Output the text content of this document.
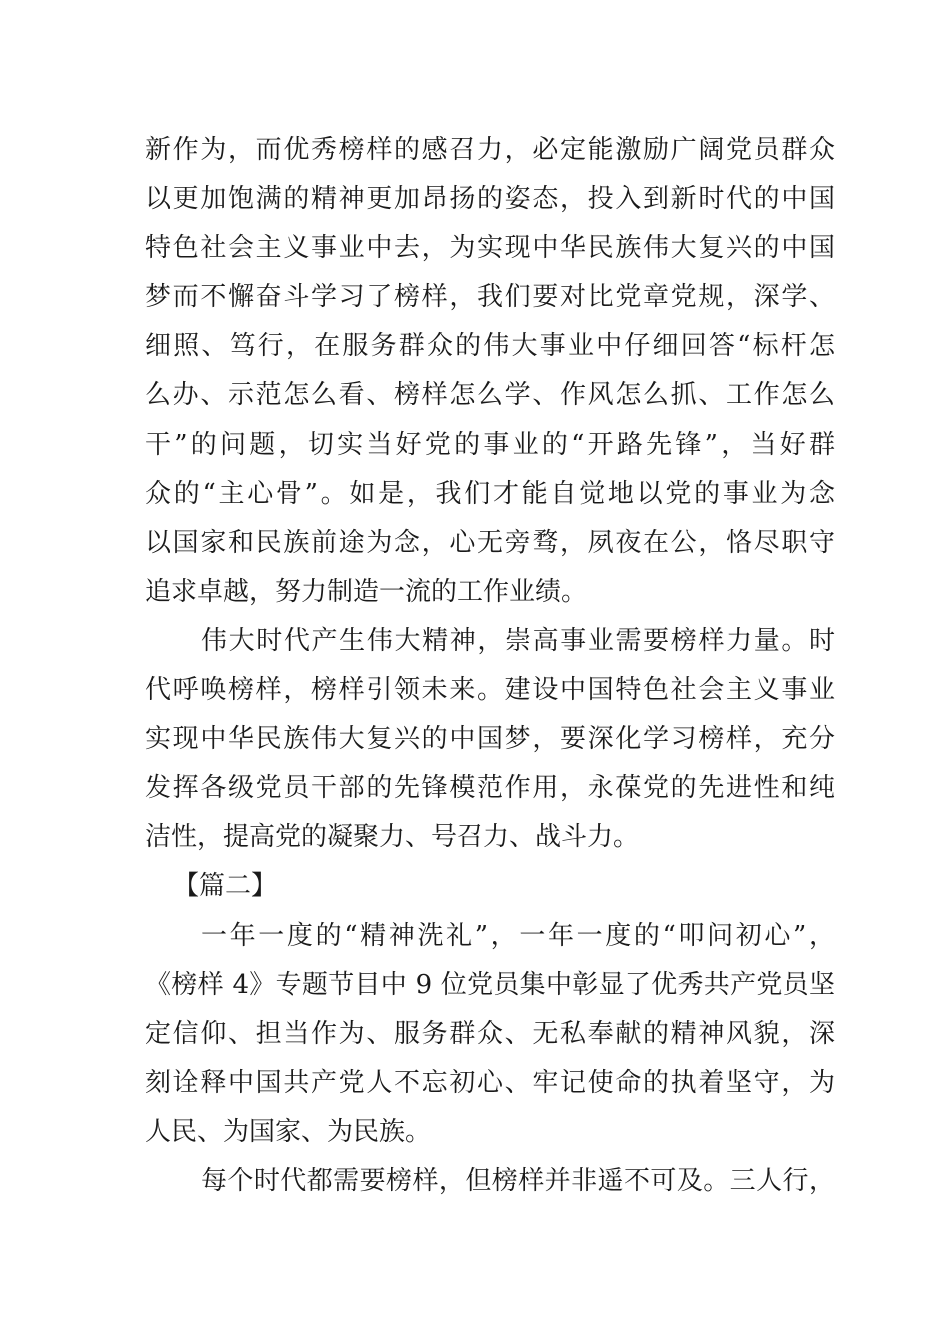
新作为，而优秀榜样的感召力，必定能激励广阔党员群众
以更加饱满的精神更加昂扬的姿态，投入到新时代的中国
特色社会主义事业中去，为实现中华民族伟大复兴的中国
梦而不懈奋斗学习了榜样，我们要对比党章党规，深学、
细照、笃行，在服务群众的伟大事业中仔细回答“标杆怎
么办、示范怎么看、榜样怎么学、作风怎么抓、工作怎么
干”的问题，切实当好党的事业的“开路先锋”，当好群
众的“主心骨”。如是，我们才能自觉地以党的事业为念
以国家和民族前途为念，心无旁骛，夙夜在公，恪尽职守
追求卓越，努力制造一流的工作业绩。
伟大时代产生伟大精神，崇高事业需要榜样力量。时
代呼唤榜样，榜样引领未来。建设中国特色社会主义事业
实现中华民族伟大复兴的中国梦，要深化学习榜样，充分
发挥各级党员干部的先锋模范作用，永葆党的先进性和纯
洁性，提高党的凝聚力、号召力、战斗力。
【篇二】
一年一度的“精神洗礼”，一年一度的“叩问初心”，
《榜样 4》专题节目中 9 位党员集中彰显了优秀共产党员坚
定信仰、担当作为、服务群众、无私奉献的精神风貌，深
刻诠释中国共产党人不忘初心、牢记使命的执着坚守，为
人民、为国家、为民族。
每个时代都需要榜样，但榜样并非遥不可及。三人行，
